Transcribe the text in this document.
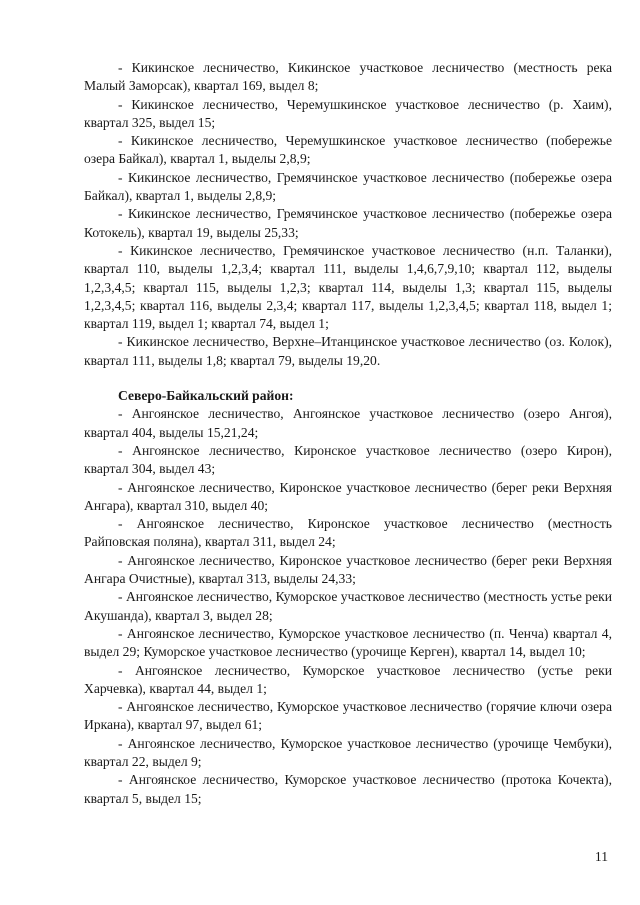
- Кикинское лесничество, Кикинское участковое лесничество (местность река Малый Заморсак), квартал 169, выдел 8;

- Кикинское лесничество, Черемушкинское участковое лесничество (р. Хаим), квартал 325, выдел 15;

- Кикинское лесничество, Черемушкинское участковое лесничество (побережье озера Байкал), квартал 1, выделы 2,8,9;

- Кикинское лесничество, Гремячинское участковое лесничество (побережье озера Байкал), квартал 1, выделы 2,8,9;

- Кикинское лесничество, Гремячинское участковое лесничество (побережье озера Котокель), квартал 19, выделы 25,33;

- Кикинское лесничество, Гремячинское участковое лесничество (н.п. Таланки), квартал 110, выделы 1,2,3,4; квартал 111, выделы 1,4,6,7,9,10; квартал 112, выделы 1,2,3,4,5; квартал 115, выделы 1,2,3; квартал 114, выделы 1,3; квартал 115, выделы 1,2,3,4,5; квартал 116, выделы 2,3,4; квартал 117, выделы 1,2,3,4,5; квартал 118, выдел 1; квартал 119, выдел 1; квартал 74, выдел 1;

- Кикинское лесничество, Верхне–Итанцинское участковое лесничество (оз. Колок), квартал 111, выделы 1,8; квартал 79, выделы 19,20.

Северо-Байкальский район:

- Ангоянское лесничество, Ангоянское участковое лесничество (озеро Ангоя), квартал 404, выделы 15,21,24;

- Ангоянское лесничество, Киронское участковое лесничество (озеро Кирон), квартал 304, выдел 43;

- Ангоянское лесничество, Киронское участковое лесничество (берег реки Верхняя Ангара), квартал 310, выдел 40;

- Ангоянское лесничество, Киронское участковое лесничество (местность Райповская поляна), квартал 311, выдел 24;

- Ангоянское лесничество, Киронское участковое лесничество (берег реки Верхняя Ангара Очистные), квартал 313, выделы 24,33;

- Ангоянское лесничество, Куморское участковое лесничество (местность устье реки Акушанда), квартал 3, выдел 28;

- Ангоянское лесничество, Куморское участковое лесничество (п. Ченча) квартал 4, выдел 29; Куморское участковое лесничество (урочище Керген), квартал 14, выдел 10;

- Ангоянское лесничество, Куморское участковое лесничество (устье реки Харчевка), квартал 44, выдел 1;

- Ангоянское лесничество, Куморское участковое лесничество (горячие ключи озера Иркана), квартал 97, выдел 61;

- Ангоянское лесничество, Куморское участковое лесничество (урочище Чембуки), квартал 22, выдел 9;

- Ангоянское лесничество, Куморское участковое лесничество (протока Кочекта), квартал 5, выдел 15;

11
